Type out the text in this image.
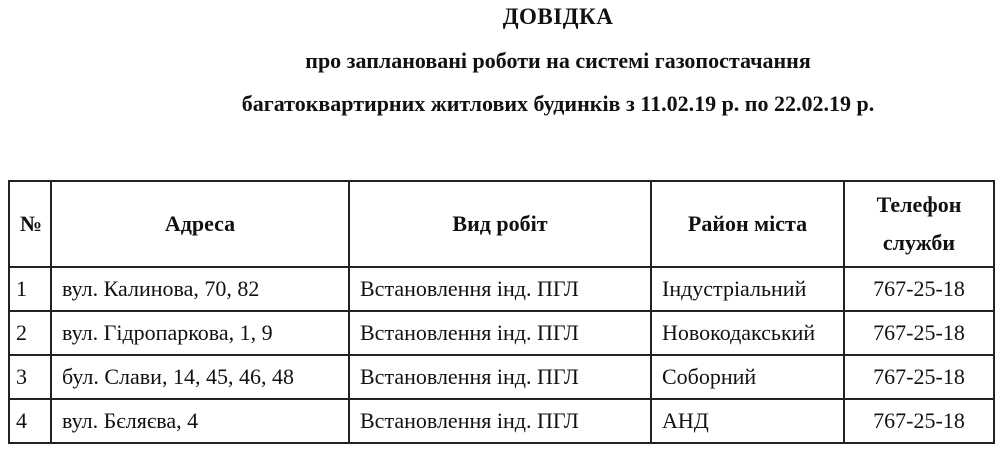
ДОВІДКА
про заплановані роботи на системі газопостачання
багатоквартирних житлових будинків з 11.02.19 р. по 22.02.19 р.
№	Адреса	Вид робіт	Район міста	Телефон
служби

1	вул. Калинова, 70, 82	Встановлення інд. ПГЛ	Індустріальний	767-25-18
2	вул. Гідропаркова, 1, 9	Встановлення інд. ПГЛ	Новокодакський	767-25-18
3	бул. Слави, 14, 45, 46, 48	Встановлення інд. ПГЛ	Соборний	767-25-18
4	вул. Бєляєва, 4	Встановлення інд. ПГЛ	АНД	767-25-18
